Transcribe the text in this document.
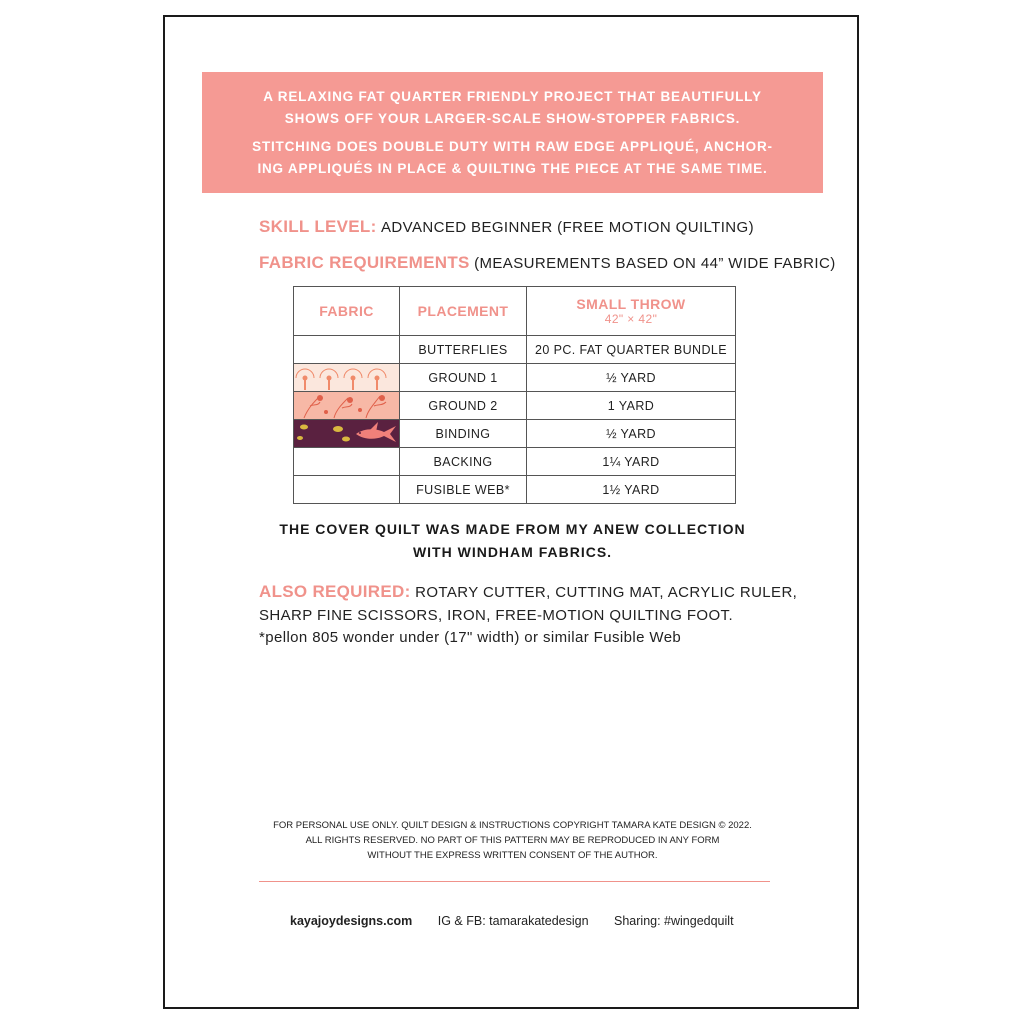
A RELAXING FAT QUARTER FRIENDLY PROJECT THAT BEAUTIFULLY
SHOWS OFF YOUR LARGER-SCALE SHOW-STOPPER FABRICS.

STITCHING DOES DOUBLE DUTY WITH RAW EDGE APPLIQUÉ, ANCHOR-
ING APPLIQUÉS IN PLACE & QUILTING THE PIECE AT THE SAME TIME.

SKILL LEVEL: ADVANCED BEGINNER (FREE MOTION QUILTING)
FABRIC REQUIREMENTS (MEASUREMENTS BASED ON 44” WIDE FABRIC)
FABRIC	PLACEMENT	SMALL THROW
42" × 42"

	BUTTERFLIES	20 PC. FAT QUARTER BUNDLE

	GROUND 1	½ YARD

	GROUND 2	1 YARD

	BINDING	½ YARD
	BACKING	1¼ YARD
	FUSIBLE WEB*	1½ YARD

THE COVER QUILT WAS MADE FROM MY ANEW COLLECTION

WITH WINDHAM FABRICS.

ALSO REQUIRED: ROTARY CUTTER, CUTTING MAT, ACRYLIC RULER,

SHARP FINE SCISSORS, IRON, FREE-MOTION QUILTING FOOT.

*pellon 805 wonder under (17" width) or similar Fusible Web

FOR PERSONAL USE ONLY. QUILT DESIGN & INSTRUCTIONS COPYRIGHT TAMARA KATE DESIGN © 2022.

ALL RIGHTS RESERVED. NO PART OF THIS PATTERN MAY BE REPRODUCED IN ANY FORM

WITHOUT THE EXPRESS WRITTEN CONSENT OF THE AUTHOR.

kayajoydesigns.com IG & FB: tamarakatedesign Sharing: #wingedquilt
